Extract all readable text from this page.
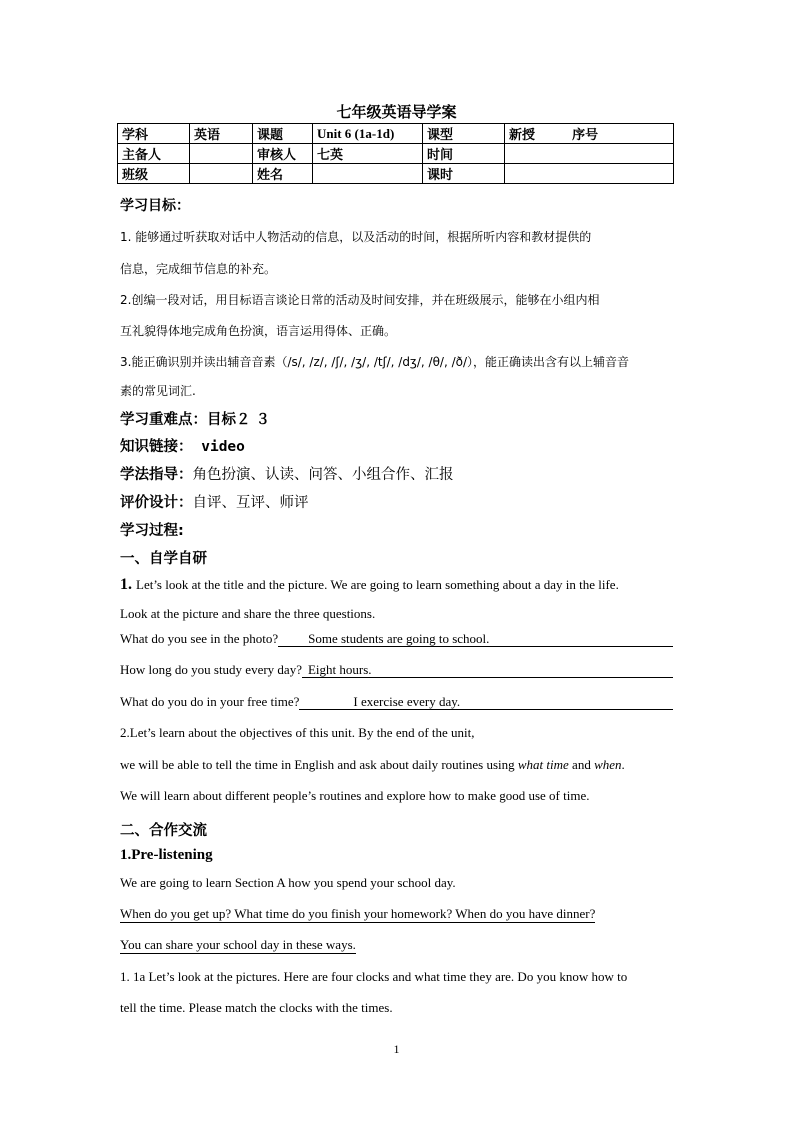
七年级英语导学案
学科	英语	课题	Unit 6 (1a-1d)	课型	新授 序号
主备人		审核人	七英	时间	
班级		姓名		课时	
学习目标：
1. 能够通过听获取对话中人物活动的信息，以及活动的时间，根据所听内容和教材提供的
信息，完成细节信息的补充。
2.创编一段对话，用目标语言谈论日常的活动及时间安排，并在班级展示，能够在小组内相
互礼貌得体地完成角色扮演，语言运用得体、正确。
3.能正确识别并读出辅音音素（/s/, /z/, /ʃ/, /ʒ/, /tʃ/, /dʒ/, /θ/, /ð/），能正确读出含有以上辅音音
素的常见词汇.
学习重难点：目标２ ３
知识链接： video
学法指导：角色扮演、认读、问答、小组合作、汇报
评价设计：自评、互评、师评
学习过程:
一、自学自研
1. Let’s look at the title and the picture. We are going to learn something about a day in the life.
Look at the picture and share the three questions.
What do you see in the photo?	Some students are going to school.
How long do you study every day? Eight hours.
What do you do in your free time?	I exercise every day.
2.Let’s learn about the objectives of this unit. By the end of the unit,
we will be able to tell the time in English and ask about daily routines using what time and when.
We will learn about different people’s routines and explore how to make good use of time.
二、合作交流
1.Pre-listening
We are going to learn Section A how you spend your school day.
When do you get up? What time do you finish your homework? When do you have dinner?
You can share your school day in these ways.
1. 1a Let’s look at the pictures. Here are four clocks and what time they are. Do you know how to
tell the time. Please match the clocks with the times.
1
